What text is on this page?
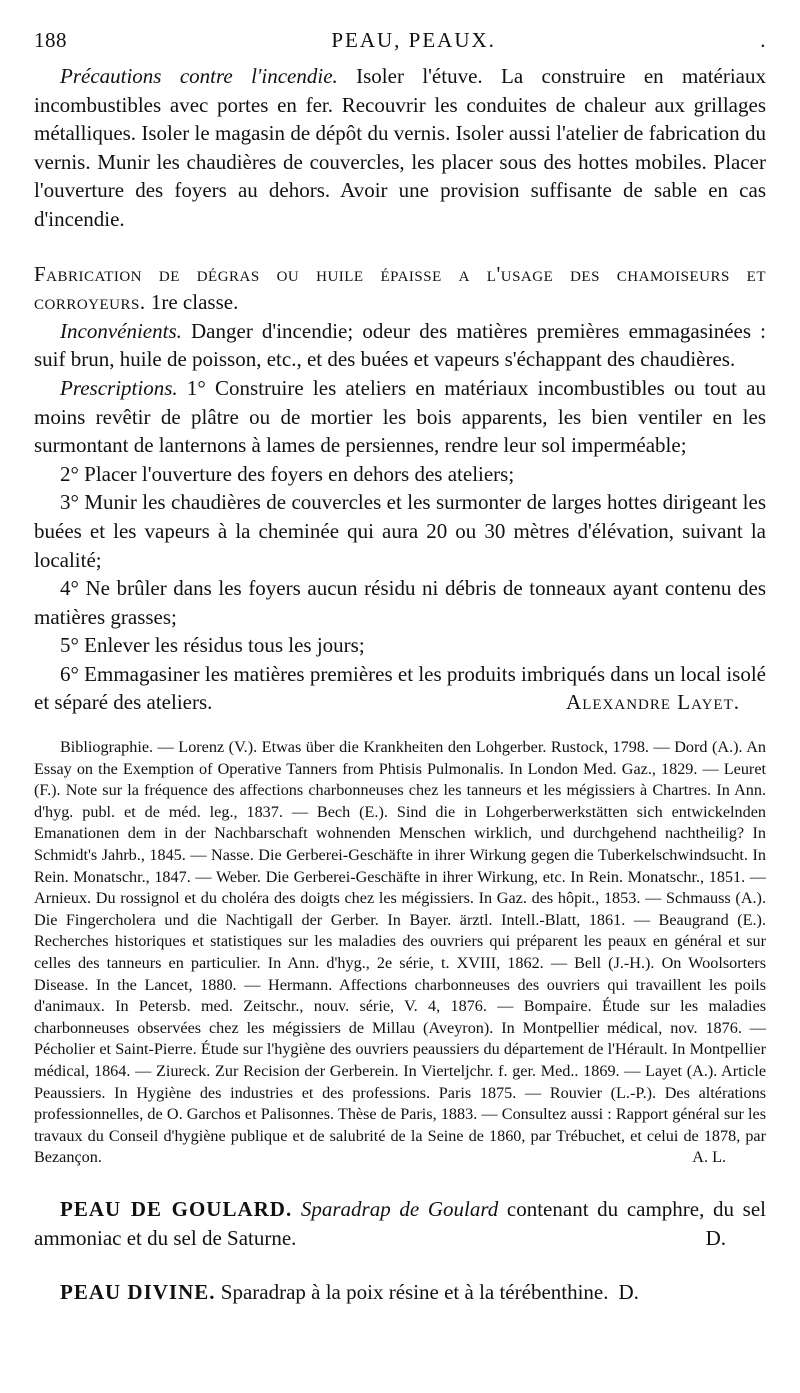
188	PEAU, PEAUX.	.

Précautions contre l'incendie. Isoler l'étuve. La construire en matériaux incombustibles avec portes en fer. Recouvrir les conduites de chaleur aux grillages métalliques. Isoler le magasin de dépôt du vernis. Isoler aussi l'atelier de fabrication du vernis. Munir les chaudières de couvercles, les placer sous des hottes mobiles. Placer l'ouverture des foyers au dehors. Avoir une provision suffisante de sable en cas d'incendie.

Fabrication de dégras ou huile épaisse a l'usage des chamoiseurs et corroyeurs. 1re classe.

Inconvénients. Danger d'incendie; odeur des matières premières emmagasinées : suif brun, huile de poisson, etc., et des buées et vapeurs s'échappant des chaudières.

Prescriptions. 1° Construire les ateliers en matériaux incombustibles ou tout au moins revêtir de plâtre ou de mortier les bois apparents, les bien ventiler en les surmontant de lanternons à lames de persiennes, rendre leur sol imperméable;

2° Placer l'ouverture des foyers en dehors des ateliers;

3° Munir les chaudières de couvercles et les surmonter de larges hottes dirigeant les buées et les vapeurs à la cheminée qui aura 20 ou 30 mètres d'élévation, suivant la localité;

4° Ne brûler dans les foyers aucun résidu ni débris de tonneaux ayant contenu des matières grasses;

5° Enlever les résidus tous les jours;

6° Emmagasiner les matières premières et les produits imbriqués dans un local isolé et séparé des ateliers.	Alexandre Layet.

Bibliographie. — Lorenz (V.). Etwas über die Krankheiten den Lohgerber. Rustock, 1798. — Dord (A.). An Essay on the Exemption of Operative Tanners from Phtisis Pulmonalis. In London Med. Gaz., 1829. — Leuret (F.). Note sur la fréquence des affections charbonneuses chez les tanneurs et les mégissiers à Chartres. In Ann. d'hyg. publ. et de méd. leg., 1837. — Bech (E.). Sind die in Lohgerberwerkstätten sich entwickelnden Emanationen dem in der Nachbarschaft wohnenden Menschen wirklich, und durchgehend nachtheilig? In Schmidt's Jahrb., 1845. — Nasse. Die Gerberei-Geschäfte in ihrer Wirkung gegen die Tuberkelschwindsucht. In Rein. Monatschr., 1847. — Weber. Die Gerberei-Geschäfte in ihrer Wirkung, etc. In Rein. Monatschr., 1851. — Arnieux. Du rossignol et du choléra des doigts chez les mégissiers. In Gaz. des hôpit., 1853. — Schmauss (A.). Die Fingercholera und die Nachtigall der Gerber. In Bayer. ärztl. Intell.-Blatt, 1861. — Beaugrand (E.). Recherches historiques et statistiques sur les maladies des ouvriers qui préparent les peaux en général et sur celles des tanneurs en particulier. In Ann. d'hyg., 2e série, t. XVIII, 1862. — Bell (J.-H.). On Woolsorters Disease. In the Lancet, 1880. — Hermann. Affections charbonneuses des ouvriers qui travaillent les poils d'animaux. In Petersb. med. Zeitschr., nouv. série, V. 4, 1876. — Bompaire. Étude sur les maladies charbonneuses observées chez les mégissiers de Millau (Aveyron). In Montpellier médical, nov. 1876. — Pécholier et Saint-Pierre. Étude sur l'hygiène des ouvriers peaussiers du département de l'Hérault. In Montpellier médical, 1864. — Ziureck. Zur Recision der Gerberein. In Vierteljchr. f. ger. Med.. 1869. — Layet (A.). Article Peaussiers. In Hygiène des industries et des professions. Paris 1875. — Rouvier (L.-P.). Des altérations professionnelles, de O. Garchos et Palisonnes. Thèse de Paris, 1883. — Consultez aussi : Rapport général sur les travaux du Conseil d'hygiène publique et de salubrité de la Seine de 1860, par Trébuchet, et celui de 1878, par Bezançon.	A. L.

PEAU DE GOULARD. Sparadrap de Goulard contenant du camphre, du sel ammoniac et du sel de Saturne.	D.

PEAU DIVINE. Sparadrap à la poix résine et à la térébenthine. D.
